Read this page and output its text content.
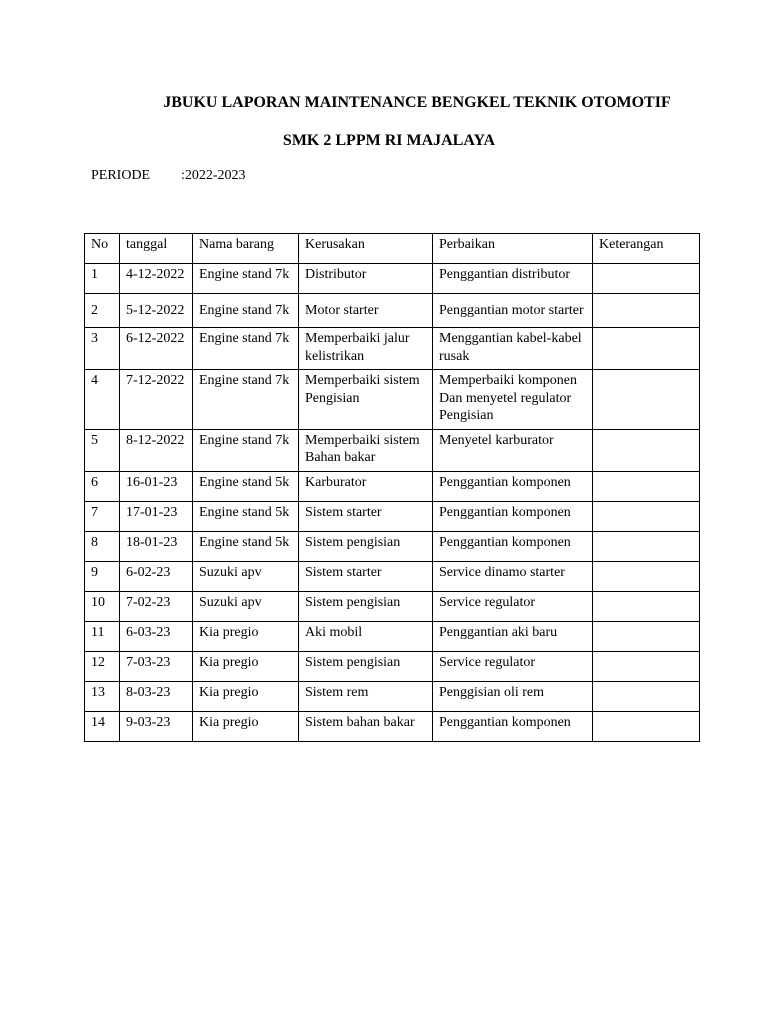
JBUKU LAPORAN MAINTENANCE BENGKEL TEKNIK OTOMOTIF
SMK 2 LPPM RI MAJALAYA
PERIODE :2022-2023
No	tanggal	Nama barang	Kerusakan	Perbaikan	Keterangan
1	4-12-2022	Engine stand 7k	Distributor	Penggantian distributor	
2	5-12-2022	Engine stand 7k	Motor starter	Penggantian motor starter	
3	6-12-2022	Engine stand 7k	Memperbaiki jalur kelistrikan	Menggantian kabel-kabel rusak	
4	7-12-2022	Engine stand 7k	Memperbaiki sistem Pengisian	Memperbaiki komponen Dan menyetel regulator Pengisian	
5	8-12-2022	Engine stand 7k	Memperbaiki sistem Bahan bakar	Menyetel karburator	
6	16-01-23	Engine stand 5k	Karburator	Penggantian komponen	
7	17-01-23	Engine stand 5k	Sistem starter	Penggantian komponen	
8	18-01-23	Engine stand 5k	Sistem pengisian	Penggantian komponen	
9	6-02-23	Suzuki apv	Sistem starter	Service dinamo starter	
10	7-02-23	Suzuki apv	Sistem pengisian	Service regulator	
11	6-03-23	Kia pregio	Aki mobil	Penggantian aki baru	
12	7-03-23	Kia pregio	Sistem pengisian	Service regulator	
13	8-03-23	Kia pregio	Sistem rem	Penggisian oli rem	
14	9-03-23	Kia pregio	Sistem bahan bakar	Penggantian komponen	
